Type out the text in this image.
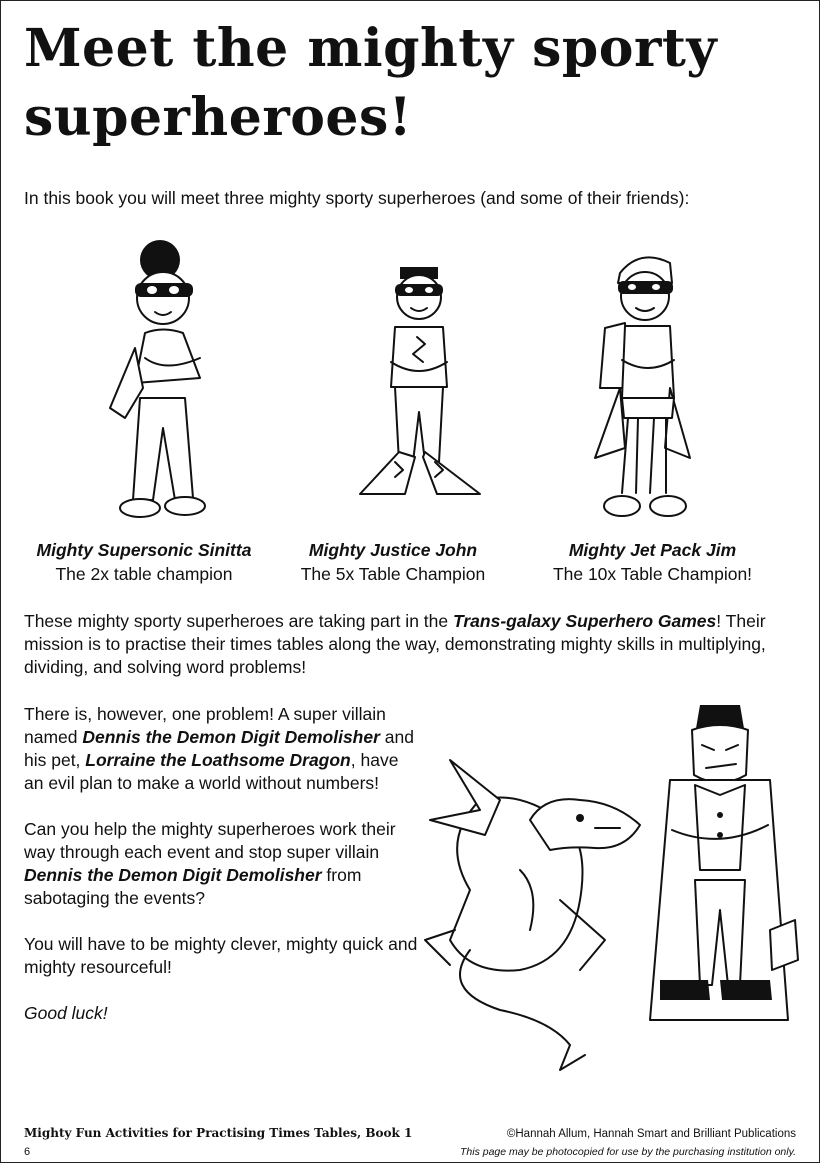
Meet the mighty sporty superheroes!
In this book you will meet three mighty sporty superheroes (and some of their friends):
Mighty Supersonic Sinitta
The 2x table champion
Mighty Justice John
The 5x Table Champion
Mighty Jet Pack Jim
The 10x Table Champion!
These mighty sporty superheroes are taking part in the Trans-galaxy Superhero Games! Their mission is to practise their times tables along the way, demonstrating mighty skills in multiplying, dividing, and solving word problems!

There is, however, one problem! A super villain named Dennis the Demon Digit Demolisher and his pet, Lorraine the Loathsome Dragon, have an evil plan to make a world without numbers!

Can you help the mighty superheroes work their way through each event and stop super villain Dennis the Demon Digit Demolisher from sabotaging the events?

You will have to be mighty clever, mighty quick and mighty resourceful!

Good luck!

Mighty Fun Activities for Practising Times Tables, Book 1
6
©Hannah Allum, Hannah Smart and Brilliant Publications
This page may be photocopied for use by the purchasing institution only.
